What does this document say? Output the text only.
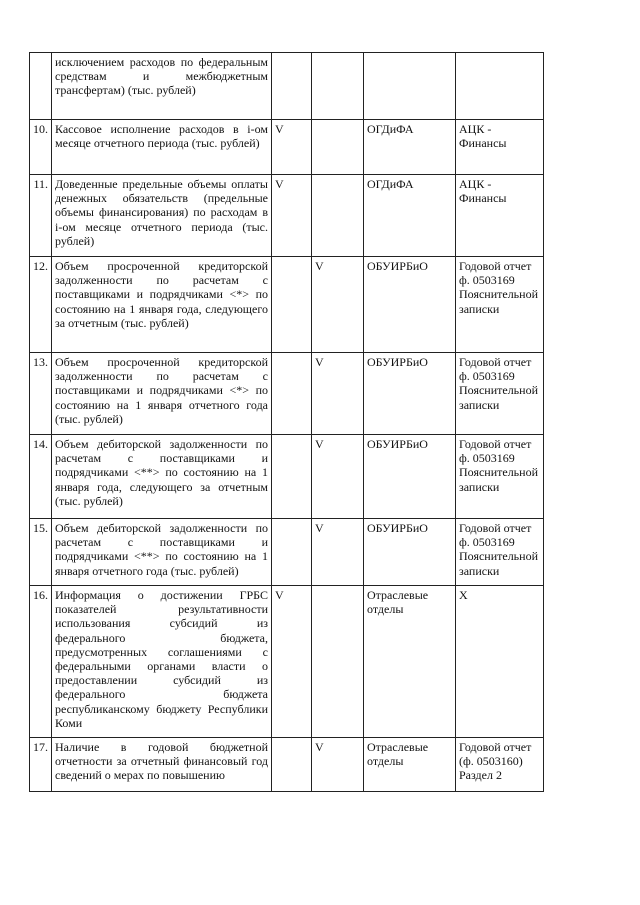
	исключением расходов по федеральным средствам и межбюджетным трансфертам) (тыс. рублей)				
10.	Кассовое исполнение расходов в i-ом месяце отчетного периода (тыс. рублей)	V		ОГДиФА	АЦК - Финансы
11.	Доведенные предельные объемы оплаты денежных обязательств (предельные объемы финансирования) по расходам в i-ом месяце отчетного периода (тыс. рублей)	V		ОГДиФА	АЦК - Финансы
12.	Объем просроченной кредиторской задолженности по расчетам с поставщиками и подрядчиками <*> по состоянию на 1 января года, следующего за отчетным (тыс. рублей)		V	ОБУИРБиО	Годовой отчет ф. 0503169 Пояснительной записки
13.	Объем просроченной кредиторской задолженности по расчетам с поставщиками и подрядчиками <*> по состоянию на 1 января отчетного года (тыс. рублей)		V	ОБУИРБиО	Годовой отчет ф. 0503169 Пояснительной записки
14.	Объем дебиторской задолженности по расчетам с поставщиками и подрядчиками <**> по состоянию на 1 января года, следующего за отчетным (тыс. рублей)		V	ОБУИРБиО	Годовой отчет ф. 0503169 Пояснительной записки
15.	Объем дебиторской задолженности по расчетам с поставщиками и подрядчиками <**> по состоянию на 1 января отчетного года (тыс. рублей)		V	ОБУИРБиО	Годовой отчет ф. 0503169 Пояснительной записки
16.	Информация о достижении ГРБС показателей результативности использования субсидий из федерального бюджета, предусмотренных соглашениями с федеральными органами власти о предоставлении субсидий из федерального бюджета республиканскому бюджету Республики Коми	V		Отраслевые отделы	X
17.	Наличие в годовой бюджетной отчетности за отчетный финансовый год сведений о мерах по повышению		V	Отраслевые отделы	Годовой отчет (ф. 0503160) Раздел 2
